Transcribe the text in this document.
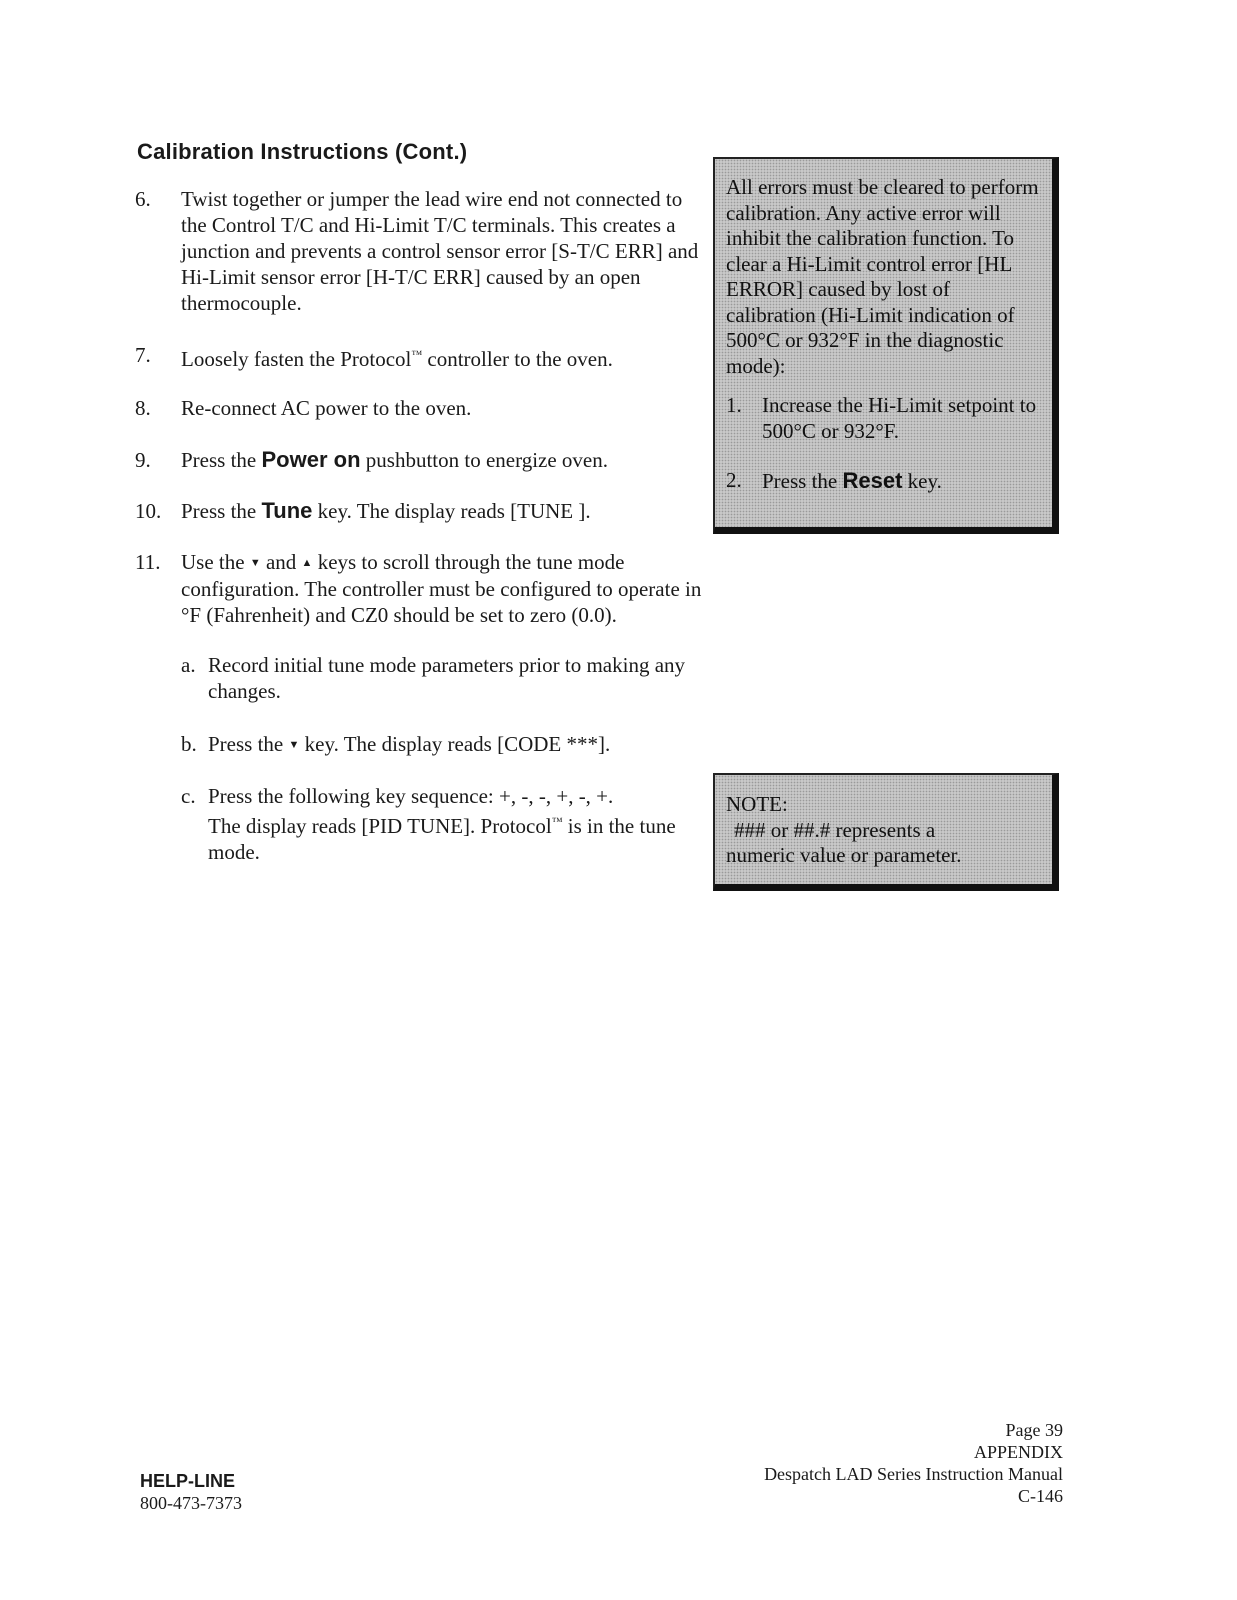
Calibration Instructions (Cont.)
6. Twist together or jumper the lead wire end not connected to the Control T/C and Hi-Limit T/C terminals. This creates a junction and prevents a control sensor error [S-T/C ERR] and Hi-Limit sensor error [H-T/C ERR] caused by an open thermocouple.
7. Loosely fasten the Protocol™ controller to the oven.
8. Re-connect AC power to the oven.
9. Press the Power on pushbutton to energize oven.
10. Press the Tune key. The display reads [TUNE ].
11. Use the ▼ and ▲ keys to scroll through the tune mode configuration. The controller must be configured to operate in °F (Fahrenheit) and CZ0 should be set to zero (0.0).
a. Record initial tune mode parameters prior to making any changes.
b. Press the ▼ key. The display reads [CODE ***].
c. Press the following key sequence: +, -, -, +, -, +.
The display reads [PID TUNE]. Protocol™ is in the tune mode.

All errors must be cleared to perform calibration. Any active error will inhibit the calibration function. To clear a Hi-Limit control error [HL ERROR] caused by lost of calibration (Hi-Limit indication of 500°C or 932°F in the diagnostic mode):

1. Increase the Hi-Limit setpoint to 500°C or 932°F.

2. Press the Reset key.

NOTE:

### or ##.# represents a

numeric value or parameter.

HELP-LINE
800-473-7373
Page 39
APPENDIX
Despatch LAD Series Instruction Manual
C-146
